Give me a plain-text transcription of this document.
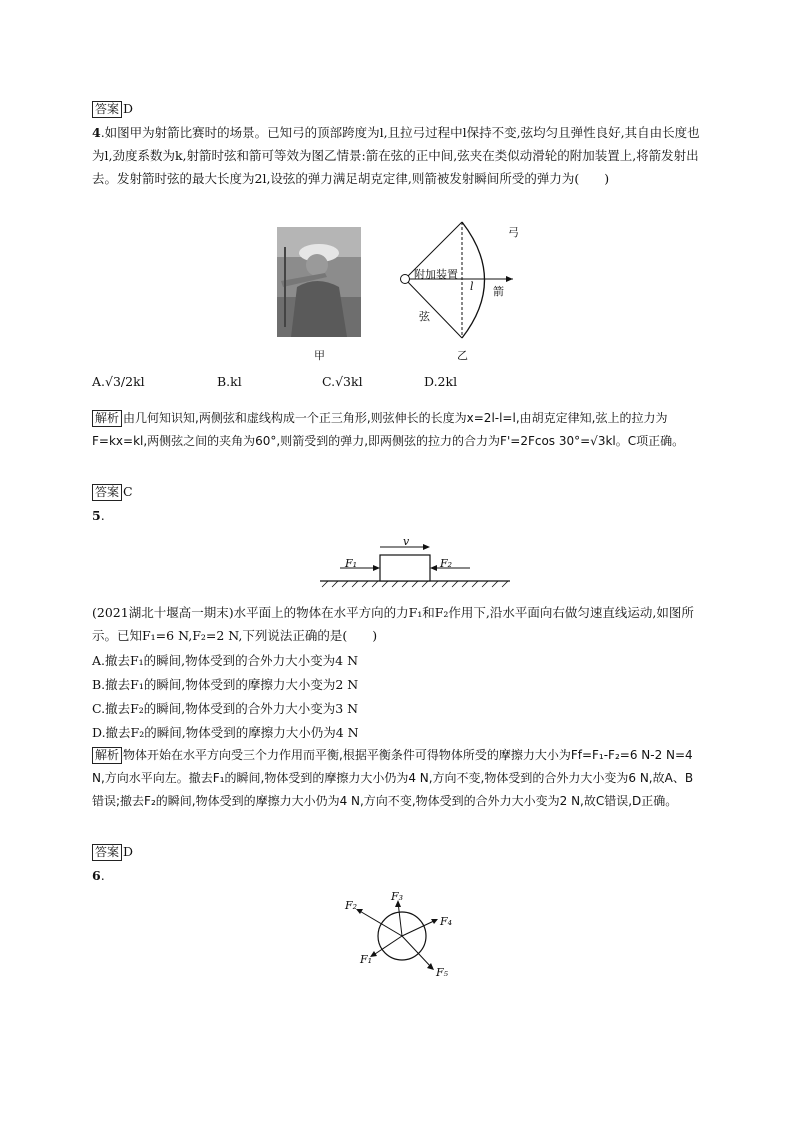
答案 D
4.如图甲为射箭比赛时的场景。已知弓的顶部跨度为l,且拉弓过程中l保持不变,弦均匀且弹性良好,其自由长度也为l,劲度系数为k,射箭时弦和箭可等效为图乙情景:箭在弦的正中间,弦夹在类似动滑轮的附加装置上,将箭发射出去。发射箭时弦的最大长度为2l,设弦的弹力满足胡克定律,则箭被发射瞬间所受的弹力为(　　)
甲
弓
附加装置
l 箭
弦
乙
A.√3/2kl	B.kl	C.√3kl	D.2kl
解析 由几何知识知,两侧弦和虚线构成一个正三角形,则弦伸长的长度为x=2l-l=l,由胡克定律知,弦上的拉力为F=kx=kl,两侧弦之间的夹角为60°,则箭受到的弹力,即两侧弦的拉力的合力为F'=2Fcos 30°=√3kl。C项正确。
答案 C
5.
v
F₁	F₂
(2021湖北十堰高一期末)水平面上的物体在水平方向的力F₁和F₂作用下,沿水平面向右做匀速直线运动,如图所示。已知F₁=6 N,F₂=2 N,下列说法正确的是(　　)
A.撤去F₁的瞬间,物体受到的合外力大小变为4 N
B.撤去F₁的瞬间,物体受到的摩擦力大小变为2 N
C.撤去F₂的瞬间,物体受到的合外力大小变为3 N
D.撤去F₂的瞬间,物体受到的摩擦力大小仍为4 N
解析 物体开始在水平方向受三个力作用而平衡,根据平衡条件可得物体所受的摩擦力大小为Ff=F₁-F₂=6 N-2 N=4 N,方向水平向左。撤去F₁的瞬间,物体受到的摩擦力大小仍为4 N,方向不变,物体受到的合外力大小变为6 N,故A、B错误;撤去F₂的瞬间,物体受到的摩擦力大小仍为4 N,方向不变,物体受到的合外力大小变为2 N,故C错误,D正确。
答案 D
6.
F₂
F₃
F₄
F₁
F₅
